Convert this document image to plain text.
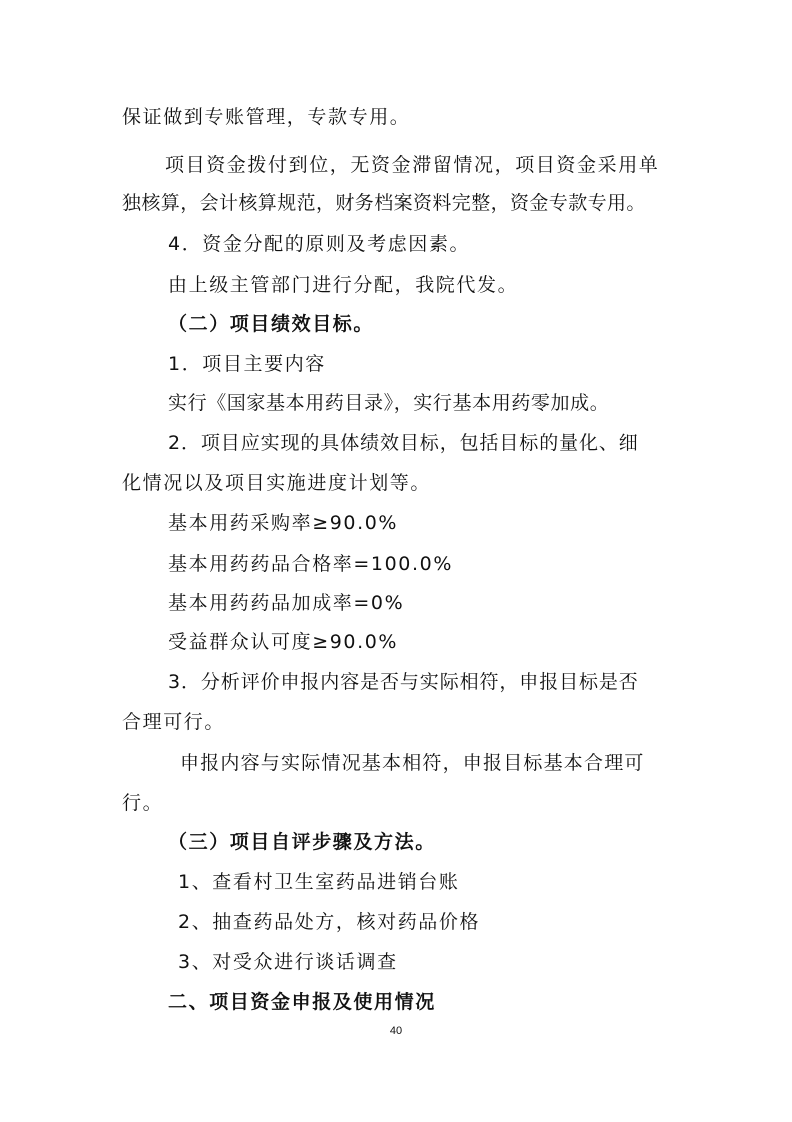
保证做到专账管理，专款专用。
项目资金拨付到位，无资金滞留情况，项目资金采用单
独核算，会计核算规范，财务档案资料完整，资金专款专用。
4．资金分配的原则及考虑因素。
由上级主管部门进行分配，我院代发。
（二）项目绩效目标。
1．项目主要内容
实行《国家基本用药目录》，实行基本用药零加成。
2．项目应实现的具体绩效目标，包括目标的量化、细
化情况以及项目实施进度计划等。
基本用药采购率≥90.0%
基本用药药品合格率=100.0%
基本用药药品加成率=0%
受益群众认可度≥90.0%
3．分析评价申报内容是否与实际相符，申报目标是否
合理可行。
申报内容与实际情况基本相符，申报目标基本合理可
行。
（三）项目自评步骤及方法。
1、查看村卫生室药品进销台账
2、抽查药品处方，核对药品价格
3、对受众进行谈话调查
二、项目资金申报及使用情况
40
